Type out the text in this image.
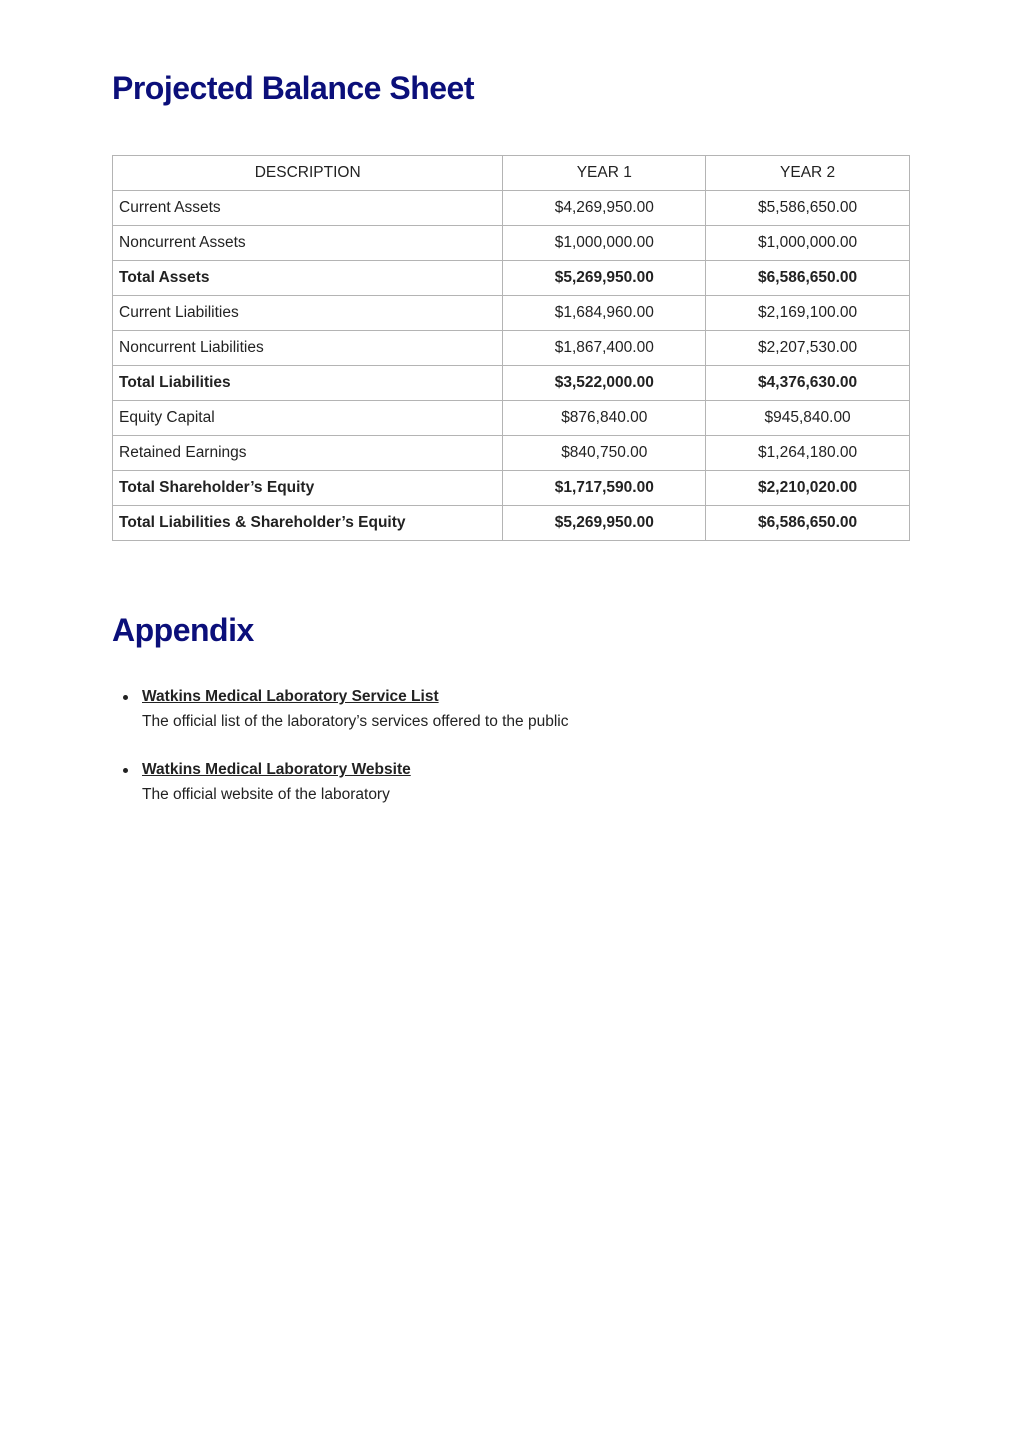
Projected Balance Sheet
DESCRIPTION	YEAR 1	YEAR 2
Current Assets	$4,269,950.00	$5,586,650.00
Noncurrent Assets	$1,000,000.00	$1,000,000.00
Total Assets	$5,269,950.00	$6,586,650.00
Current Liabilities	$1,684,960.00	$2,169,100.00
Noncurrent Liabilities	$1,867,400.00	$2,207,530.00
Total Liabilities	$3,522,000.00	$4,376,630.00
Equity Capital	$876,840.00	$945,840.00
Retained Earnings	$840,750.00	$1,264,180.00
Total Shareholder’s Equity	$1,717,590.00	$2,210,020.00
Total Liabilities & Shareholder’s Equity	$5,269,950.00	$6,586,650.00
Appendix
Watkins Medical Laboratory Service List
The official list of the laboratory’s services offered to the public
Watkins Medical Laboratory Website
The official website of the laboratory
